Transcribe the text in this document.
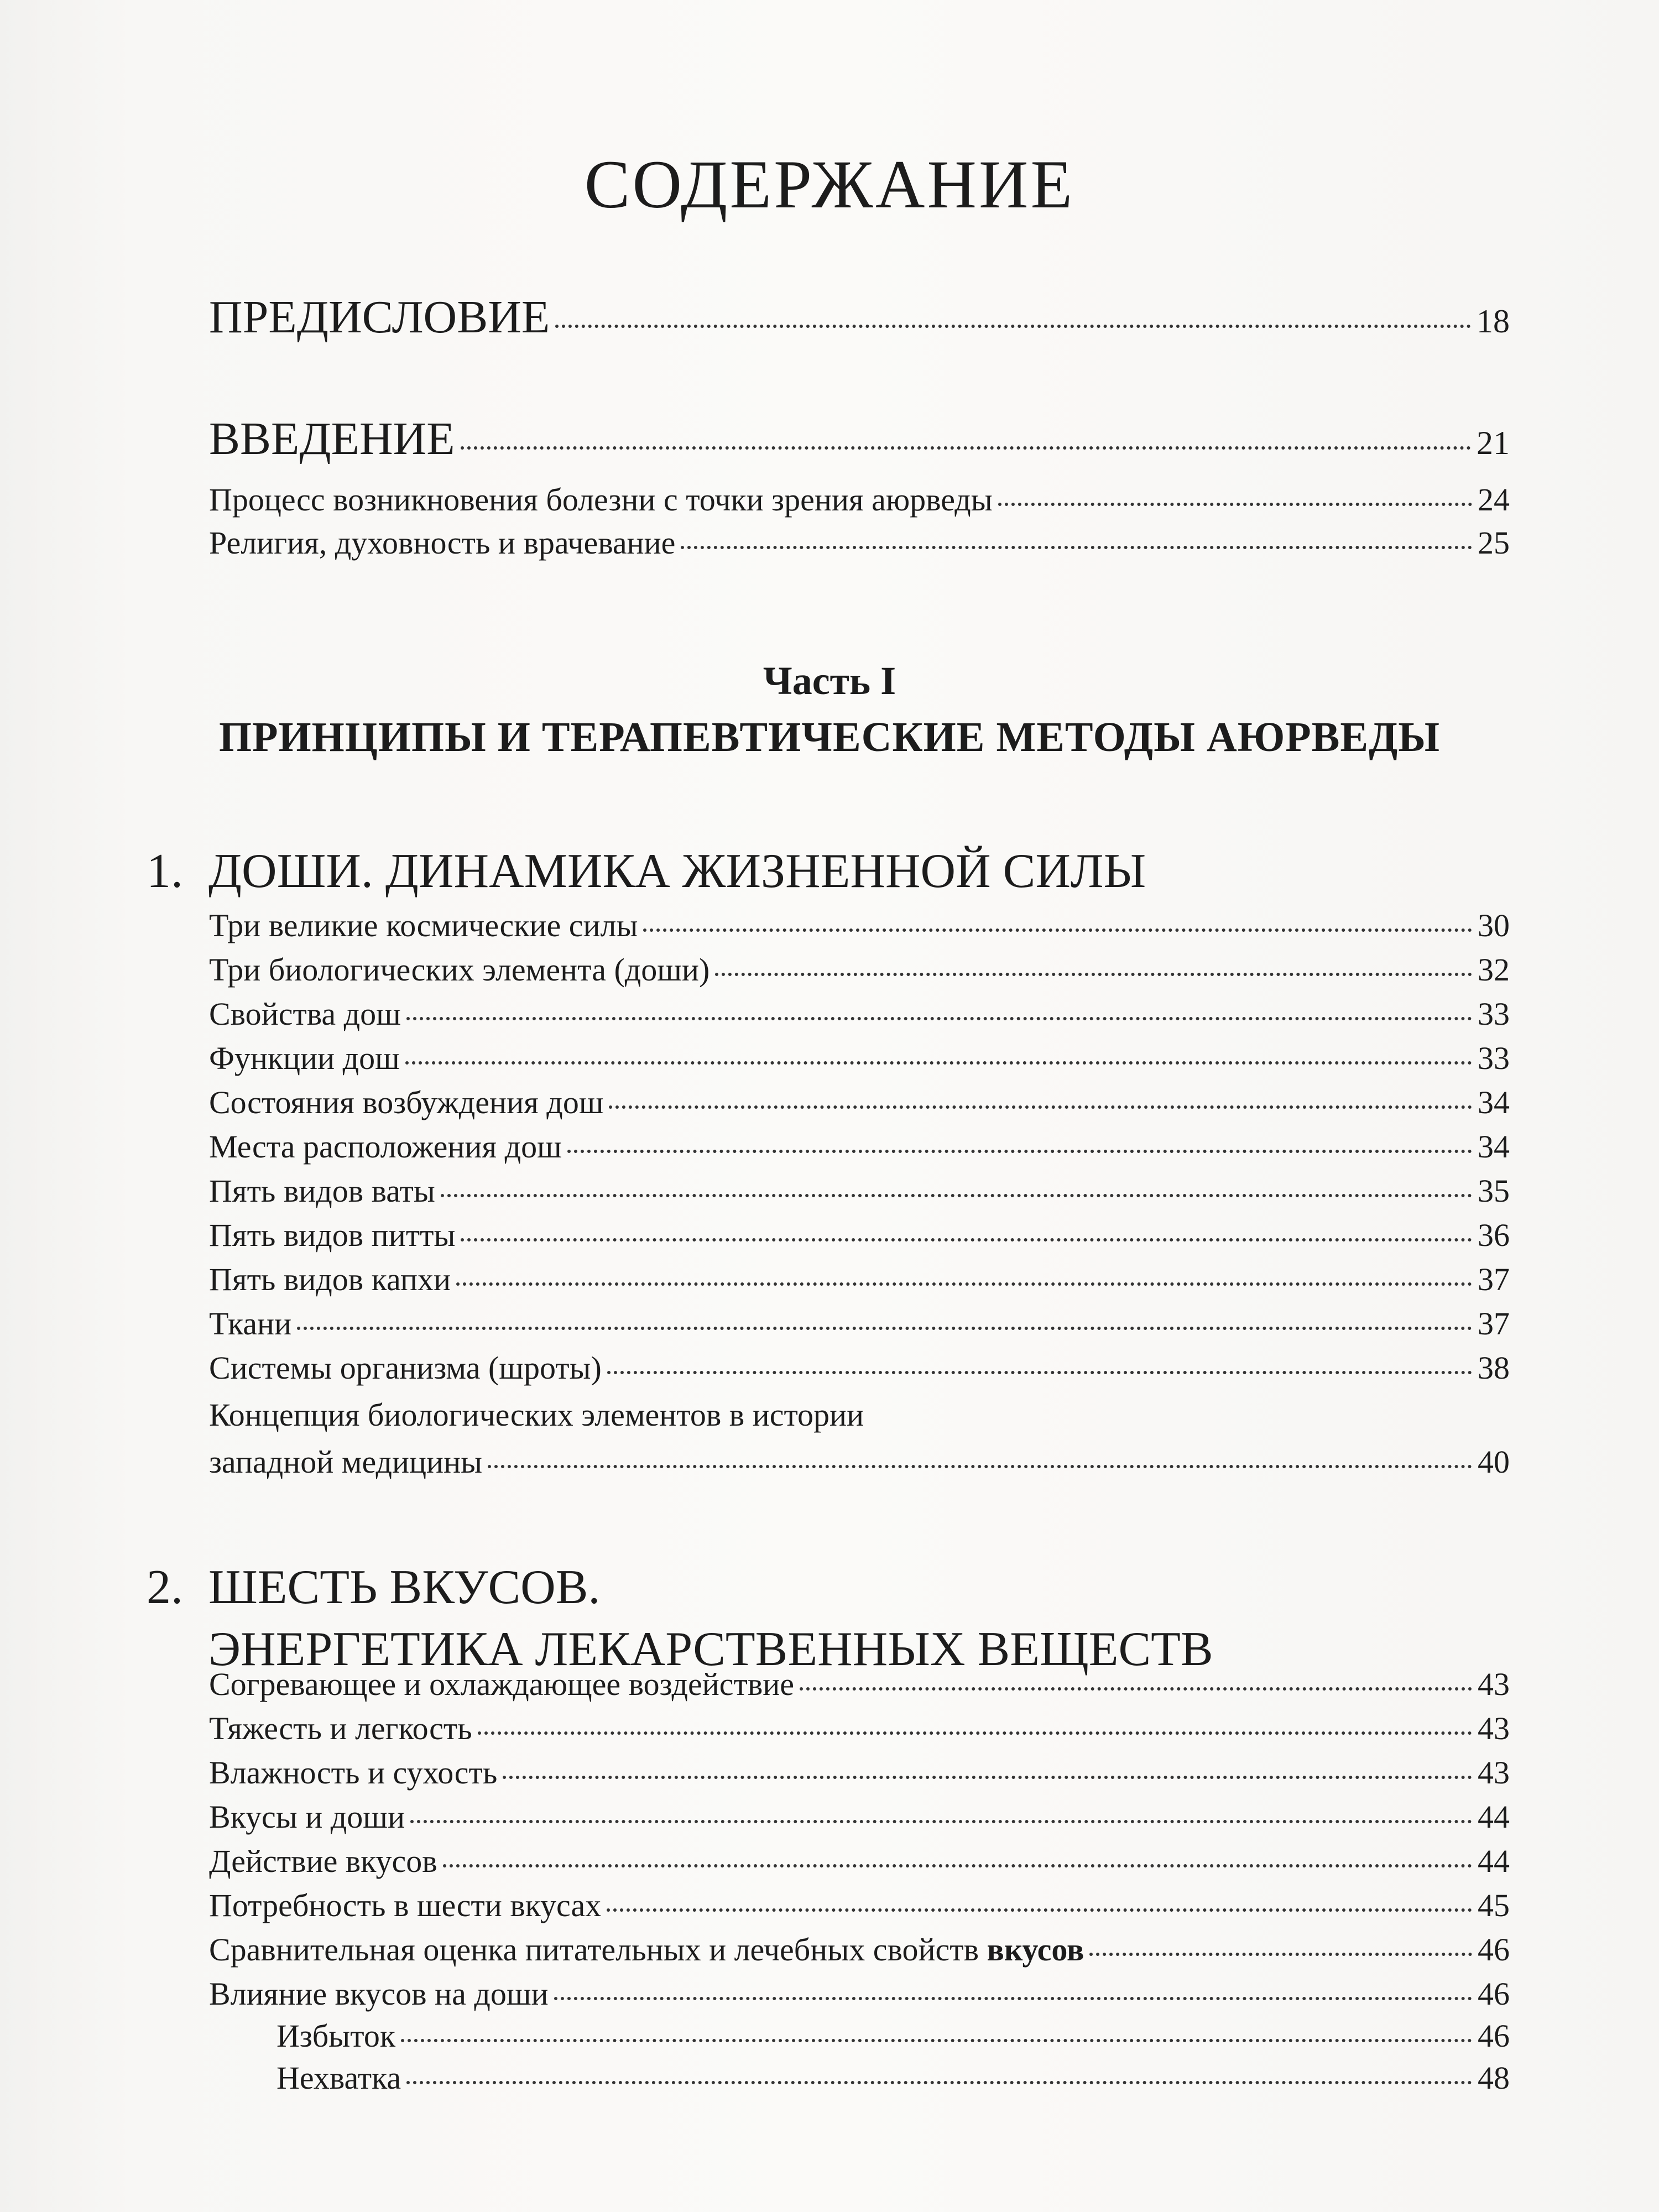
СОДЕРЖАНИЕ
ПРЕДИСЛОВИЕ	18
ВВЕДЕНИЕ	21
Процесс возникновения болезни с точки зрения аюрведы	24
Религия, духовность и врачевание	25
Часть I
ПРИНЦИПЫ И ТЕРАПЕВТИЧЕСКИЕ МЕТОДЫ АЮРВЕДЫ
1. ДОШИ. ДИНАМИКА ЖИЗНЕННОЙ СИЛЫ
Три великие космические силы	30
Три биологических элемента (доши)	32
Свойства дош	33
Функции дош	33
Состояния возбуждения дош	34
Места расположения дош	34
Пять видов ваты	35
Пять видов питты	36
Пять видов капхи	37
Ткани	37
Системы организма (шроты)	38
Концепция биологических элементов в истории
западной медицины	40
2. ШЕСТЬ ВКУСОВ.
ЭНЕРГЕТИКА ЛЕКАРСТВЕННЫХ ВЕЩЕСТВ
Согревающее и охлаждающее воздействие	43
Тяжесть и легкость	43
Влажность и сухость	43
Вкусы и доши	44
Действие вкусов	44
Потребность в шести вкусах	45
Сравнительная оценка питательных и лечебных свойств вкусов	46
Влияние вкусов на доши	46
Избыток	46
Нехватка	48
